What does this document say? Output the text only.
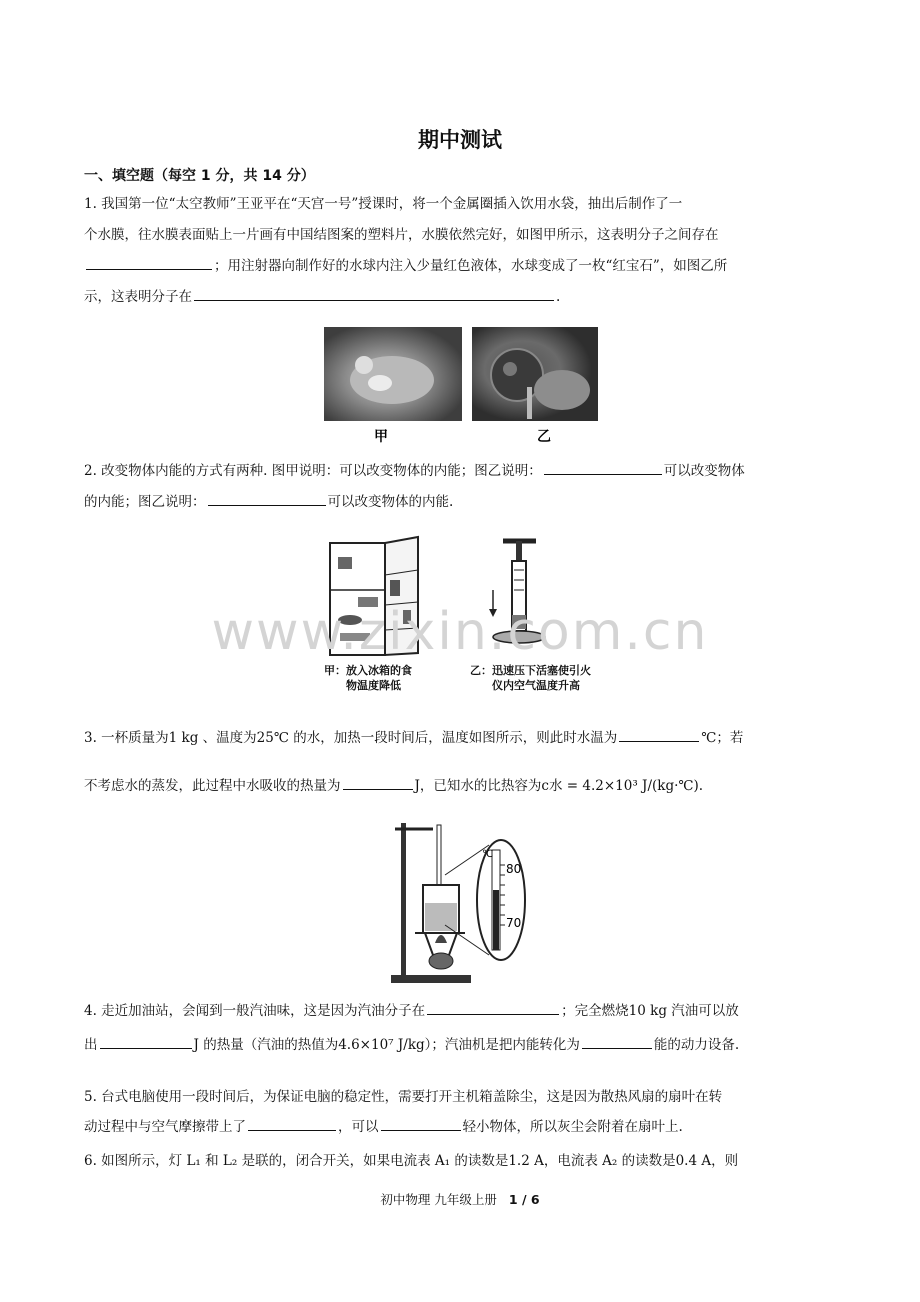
期中测试
一、填空题（每空 1 分，共 14 分）
1. 我国第一位“太空教师”王亚平在“天宫一号”授课时，将一个金属圈插入饮用水袋，抽出后制作了一
个水膜，往水膜表面贴上一片画有中国结图案的塑料片，水膜依然完好，如图甲所示，这表明分子之间存在
；用注射器向制作好的水球内注入少量红色液体，水球变成了一枚“红宝石”，如图乙所
示，这表明分子在	.
甲	乙
2. 改变物体内能的方式有两种. 图甲说明：可以改变物体的内能；图乙说明：	可以改变物体
的内能；图乙说明：	可以改变物体的内能.
甲：放入冰箱的食
物温度降低
乙：迅速压下活塞使引火
仪内空气温度升高
www.zixin.com.cn
3. 一杯质量为1 kg 、温度为25℃ 的水，加热一段时间后，温度如图所示，则此时水温为	℃；若
不考虑水的蒸发，此过程中水吸收的热量为	J，已知水的比热容为c水 = 4.2×10³ J/(kg·℃).
℃
80
70
4. 走近加油站，会闻到一般汽油味，这是因为汽油分子在	；完全燃烧10 kg 汽油可以放
出	J 的热量（汽油的热值为4.6×10⁷ J/kg）；汽油机是把内能转化为	能的动力设备.
5. 台式电脑使用一段时间后，为保证电脑的稳定性，需要打开主机箱盖除尘，这是因为散热风扇的扇叶在转
动过程中与空气摩擦带上了	，可以	轻小物体，所以灰尘会附着在扇叶上.
6. 如图所示，灯 L₁ 和 L₂ 是联的，闭合开关，如果电流表 A₁ 的读数是1.2 A，电流表 A₂ 的读数是0.4 A，则
初中物理 九年级上册 1 / 6
